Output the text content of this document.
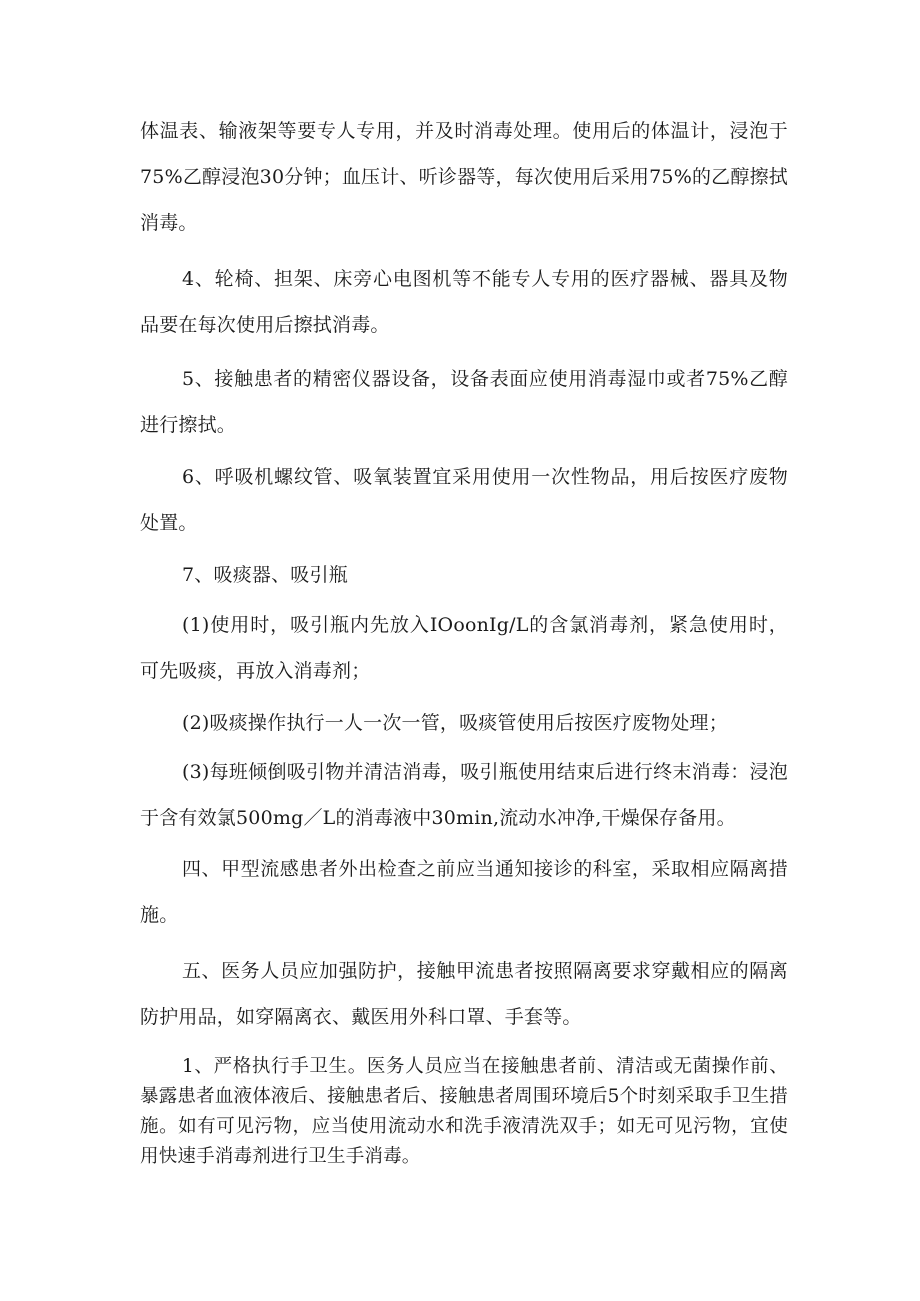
体温表、输液架等要专人专用，并及时消毒处理。使用后的体温计，浸泡于75%乙醇浸泡30分钟；血压计、听诊器等，每次使用后采用75%的乙醇擦拭消毒。

4、轮椅、担架、床旁心电图机等不能专人专用的医疗器械、器具及物品要在每次使用后擦拭消毒。

5、接触患者的精密仪器设备，设备表面应使用消毒湿巾或者75%乙醇进行擦拭。

6、呼吸机螺纹管、吸氧装置宜采用使用一次性物品，用后按医疗废物处置。

7、吸痰器、吸引瓶

(1)使用时，吸引瓶内先放入IOoonIg/L的含氯消毒剂，紧急使用时，可先吸痰，再放入消毒剂；

(2)吸痰操作执行一人一次一管，吸痰管使用后按医疗废物处理；

(3)每班倾倒吸引物并清洁消毒，吸引瓶使用结束后进行终末消毒：浸泡于含有效氯500mg／L的消毒液中30min,流动水冲净,干燥保存备用。

四、甲型流感患者外出检查之前应当通知接诊的科室，采取相应隔离措施。

五、医务人员应加强防护，接触甲流患者按照隔离要求穿戴相应的隔离防护用品，如穿隔离衣、戴医用外科口罩、手套等。

1、严格执行手卫生。医务人员应当在接触患者前、清洁或无菌操作前、暴露患者血液体液后、接触患者后、接触患者周围环境后5个时刻采取手卫生措施。如有可见污物，应当使用流动水和洗手液清洗双手；如无可见污物，宜使用快速手消毒剂进行卫生手消毒。
